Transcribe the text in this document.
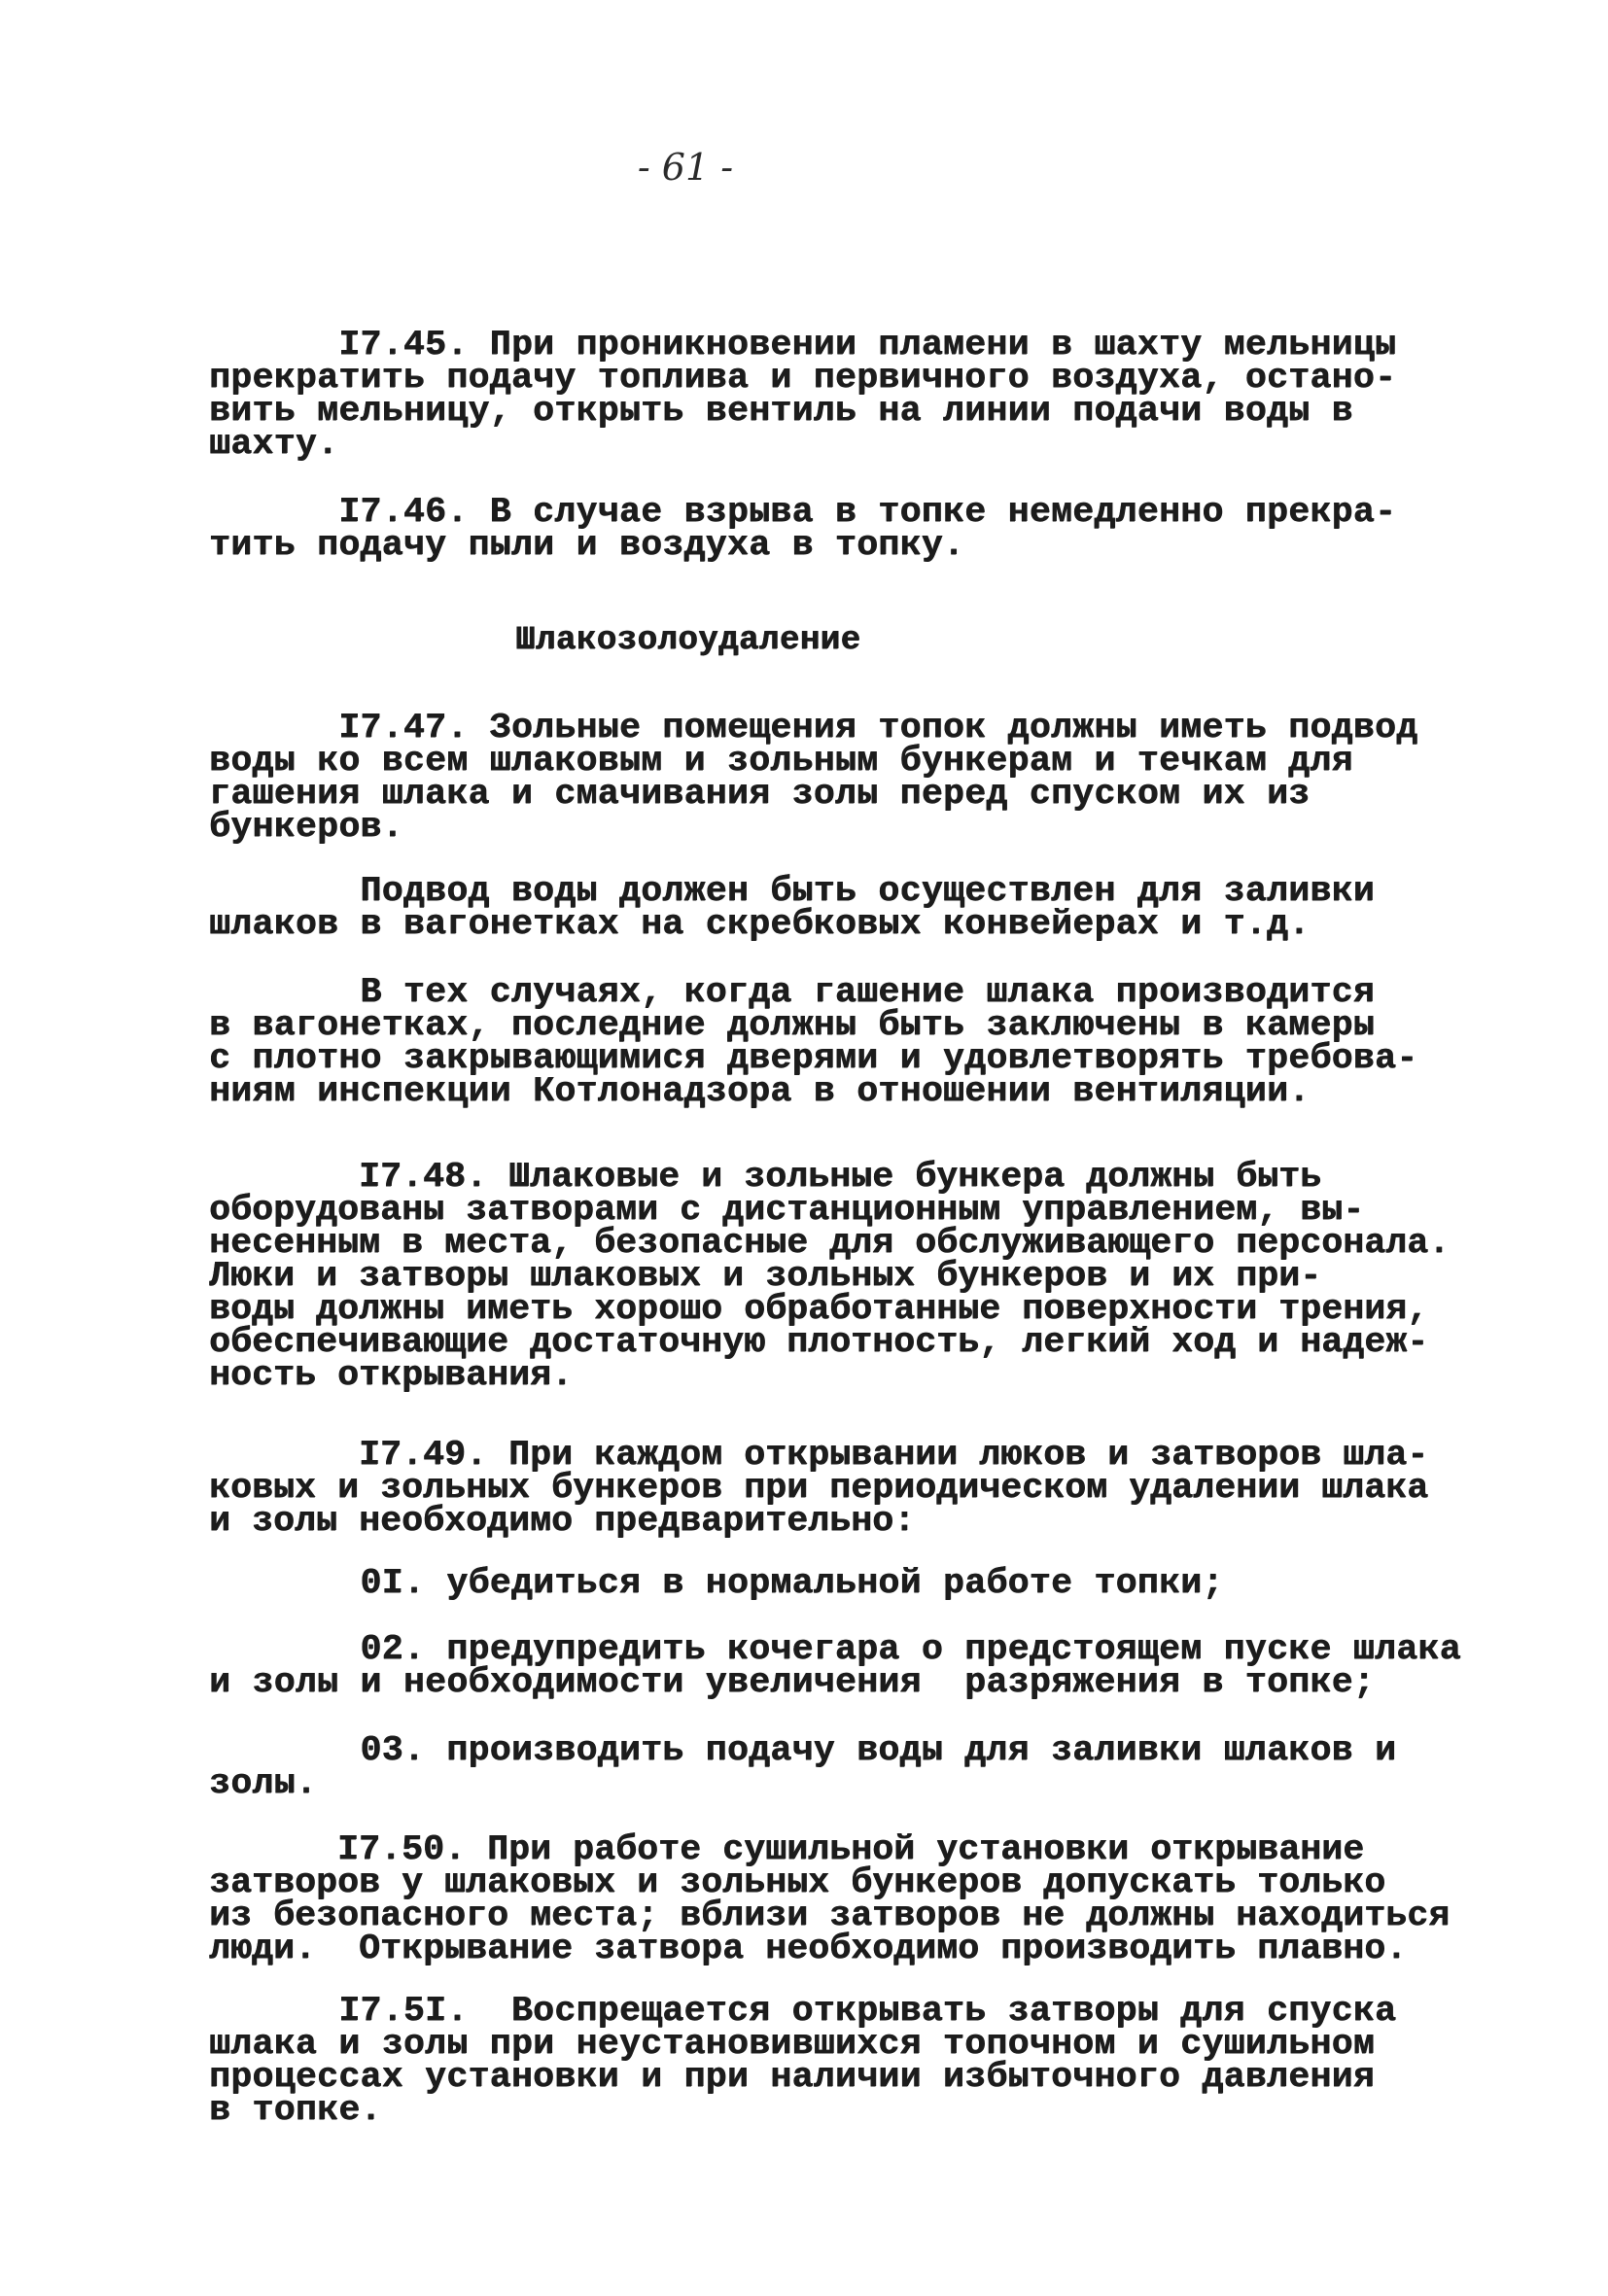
- 61 -

I7.45. При проникновении пламени в шахту мельницы
прекратить подачу топлива и первичного воздуха, остано-
вить мельницу, открыть вентиль на линии подачи воды в
шахту.

I7.46. В случае взрыва в топке немедленно прекра-
тить подачу пыли и воздуха в топку.

Шлакозолоудаление

I7.47. Зольные помещения топок должны иметь подвод
воды ко всем шлаковым и зольным бункерам и течкам для
гашения шлака и смачивания золы перед спуском их из
бункеров.

Подвод воды должен быть осуществлен для заливки
шлаков в вагонетках на скребковых конвейерах и т.д.

В тех случаях, когда гашение шлака производится
в вагонетках, последние должны быть заключены в камеры
с плотно закрывающимися дверями и удовлетворять требова-
ниям инспекции Котлонадзора в отношении вентиляции.

I7.48. Шлаковые и зольные бункера должны быть
оборудованы затворами с дистанционным управлением, вы-
несенным в места, безопасные для обслуживающего персонала.
Люки и затворы шлаковых и зольных бункеров и их при-
воды должны иметь хорошо обработанные поверхности трения,
обеспечивающие достаточную плотность, легкий ход и надеж-
ность открывания.

I7.49. При каждом открывании люков и затворов шла-
ковых и зольных бункеров при периодическом удалении шлака
и золы необходимо предварительно:

0I. убедиться в нормальной работе топки;

02. предупредить кочегара о предстоящем пуске шлака
и золы и необходимости увеличения  разряжения в топке;

03. производить подачу воды для заливки шлаков и
золы.

I7.50. При работе сушильной установки открывание
затворов у шлаковых и зольных бункеров допускать только
из безопасного места; вблизи затворов не должны находиться
люди.  Открывание затвора необходимо производить плавно.

I7.5I.  Воспрещается открывать затворы для спуска
шлака и золы при неустановившихся топочном и сушильном
процессах установки и при наличии избыточного давления
в топке.
